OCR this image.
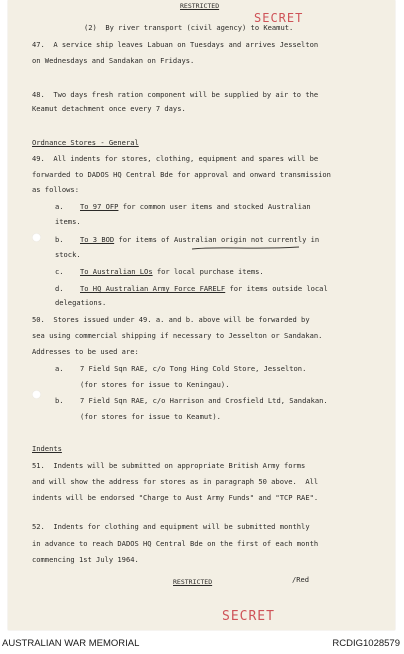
RESTRICTED
SECRET
(2)  By river transport (civil agency) to Keamut.
47.  A service ship leaves Labuan on Tuesdays and arrives Jesselton
on Wednesdays and Sandakan on Fridays.
48.  Two days fresh ration component will be supplied by air to the
Keamut detachment once every 7 days.
Ordnance Stores - General
49.  All indents for stores, clothing, equipment and spares will be
forwarded to DADOS HQ Central Bde for approval and onward transmission
as follows:
a. To 97 OFP for common user items and stocked Australian
items.
b. To 3 BOD for items of Australian origin not currently in
stock.
c. To Australian LOs for local purchase items.
d. To HQ Australian Army Force FARELF for items outside local
delegations.
50.  Stores issued under 49. a. and b. above will be forwarded by
sea using commercial shipping if necessary to Jesselton or Sandakan.
Addresses to be used are:
a. 7 Field Sqn RAE, c/o Tong Hing Cold Store, Jesselton.
(for stores for issue to Keningau).
b. 7 Field Sqn RAE, c/o Harrison and Crosfield Ltd, Sandakan.
(for stores for issue to Keamut).
Indents
51.  Indents will be submitted on appropriate British Army forms
and will show the address for stores as in paragraph 50 above.  All
indents will be endorsed "Charge to Aust Army Funds" and "TCP RAE".
52.  Indents for clothing and equipment will be submitted monthly
in advance to reach DADOS HQ Central Bde on the first of each month
commencing 1st July 1964.
RESTRICTED	/Red
SECRET
AUSTRALIAN WAR MEMORIAL	RCDIG1028579
